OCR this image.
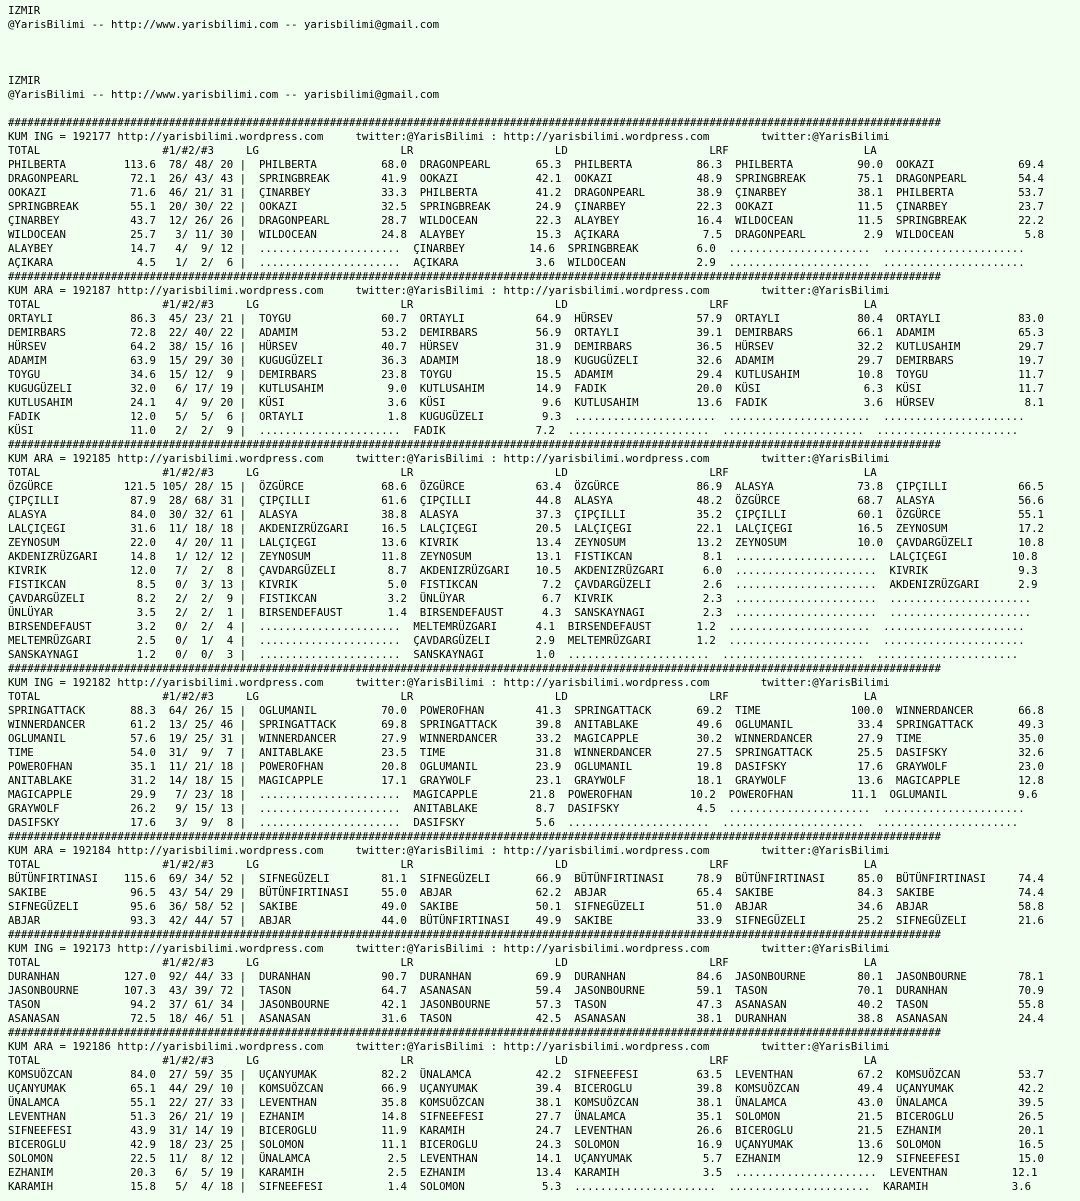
IZMIR
@YarisBilimi -- http://www.yarisbilimi.com -- yarisbilimi@gmail.com
IZMIR
@YarisBilimi -- http://www.yarisbilimi.com -- yarisbilimi@gmail.com
#################################################################################################################################################
KUM ING = 192177 http://yarisbilimi.wordpress.com     twitter:@YarisBilimi : http://yarisbilimi.wordpress.com        twitter:@YarisBilimi
TOTAL                   #1/#2/#3     LG                      LR                      LD                      LRF                     LA
PHILBERTA         113.6  78/ 48/ 20 |  PHILBERTA          68.0  DRAGONPEARL       65.3  PHILBERTA          86.3  PHILBERTA          90.0  OOKAZI             69.4
DRAGONPEARL        72.1  26/ 43/ 43 |  SPRINGBREAK        41.9  OOKAZI            42.1  OOKAZI             48.9  SPRINGBREAK        75.1  DRAGONPEARL        54.4
OOKAZI             71.6  46/ 21/ 31 |  ÇINARBEY           33.3  PHILBERTA         41.2  DRAGONPEARL        38.9  ÇINARBEY           38.1  PHILBERTA          53.7
SPRINGBREAK        55.1  20/ 30/ 22 |  OOKAZI             32.5  SPRINGBREAK       24.9  ÇINARBEY           22.3  OOKAZI             11.5  ÇINARBEY           23.7
ÇINARBEY           43.7  12/ 26/ 26 |  DRAGONPEARL        28.7  WILDOCEAN         22.3  ALAYBEY            16.4  WILDOCEAN          11.5  SPRINGBREAK        22.2
WILDOCEAN          25.7   3/ 11/ 30 |  WILDOCEAN          24.8  ALAYBEY           15.3  AÇIKARA             7.5  DRAGONPEARL         2.9  WILDOCEAN           5.8
ALAYBEY            14.7   4/  9/ 12 |  ......................  ÇINARBEY          14.6  SPRINGBREAK         6.0  ......................  ......................
AÇIKARA             4.5   1/  2/  6 |  ......................  AÇIKARA            3.6  WILDOCEAN           2.9  ......................  ......................
#################################################################################################################################################
KUM ARA = 192187 http://yarisbilimi.wordpress.com     twitter:@YarisBilimi : http://yarisbilimi.wordpress.com        twitter:@YarisBilimi
TOTAL                   #1/#2/#3     LG                      LR                      LD                      LRF                     LA
ORTAYLI            86.3  45/ 23/ 21 |  TOYGU              60.7  ORTAYLI           64.9  HÜRSEV             57.9  ORTAYLI            80.4  ORTAYLI            83.0
DEMIRBARS          72.8  22/ 40/ 22 |  ADAMIM             53.2  DEMIRBARS         56.9  ORTAYLI            39.1  DEMIRBARS          66.1  ADAMIM             65.3
HÜRSEV             64.2  38/ 15/ 16 |  HÜRSEV             40.7  HÜRSEV            31.9  DEMIRBARS          36.5  HÜRSEV             32.2  KUTLUSAHIM         29.7
ADAMIM             63.9  15/ 29/ 30 |  KUGUGÜZELI         36.3  ADAMIM            18.9  KUGUGÜZELI         32.6  ADAMIM             29.7  DEMIRBARS          19.7
TOYGU              34.6  15/ 12/  9 |  DEMIRBARS          23.8  TOYGU             15.5  ADAMIM             29.4  KUTLUSAHIM         10.8  TOYGU              11.7
KUGUGÜZELI         32.0   6/ 17/ 19 |  KUTLUSAHIM          9.0  KUTLUSAHIM        14.9  FADIK              20.0  KÜSI                6.3  KÜSI               11.7
KUTLUSAHIM         24.1   4/  9/ 20 |  KÜSI                3.6  KÜSI               9.6  KUTLUSAHIM         13.6  FADIK               3.6  HÜRSEV              8.1
FADIK              12.0   5/  5/  6 |  ORTAYLI             1.8  KUGUGÜZELI         9.3  ......................  ......................  ......................
KÜSI               11.0   2/  2/  9 |  ......................  FADIK              7.2  ......................  ......................  ......................
#################################################################################################################################################
KUM ARA = 192185 http://yarisbilimi.wordpress.com     twitter:@YarisBilimi : http://yarisbilimi.wordpress.com        twitter:@YarisBilimi
TOTAL                   #1/#2/#3     LG                      LR                      LD                      LRF                     LA
ÖZGÜRCE           121.5 105/ 28/ 15 |  ÖZGÜRCE            68.6  ÖZGÜRCE           63.4  ÖZGÜRCE            86.9  ALASYA             73.8  ÇIPÇILLI           66.5
ÇIPÇILLI           87.9  28/ 68/ 31 |  ÇIPÇILLI           61.6  ÇIPÇILLI          44.8  ALASYA             48.2  ÖZGÜRCE            68.7  ALASYA             56.6
ALASYA             84.0  30/ 32/ 61 |  ALASYA             38.8  ALASYA            37.3  ÇIPÇILLI           35.2  ÇIPÇILLI           60.1  ÖZGÜRCE            55.1
LALÇIÇEGI          31.6  11/ 18/ 18 |  AKDENIZRÜZGARI     16.5  LALÇIÇEGI         20.5  LALÇIÇEGI          22.1  LALÇIÇEGI          16.5  ZEYNOSUM           17.2
ZEYNOSUM           22.0   4/ 20/ 11 |  LALÇIÇEGI          13.6  KIVRIK            13.4  ZEYNOSUM           13.2  ZEYNOSUM           10.0  ÇAVDARGÜZELI       10.8
AKDENIZRÜZGARI     14.8   1/ 12/ 12 |  ZEYNOSUM           11.8  ZEYNOSUM          13.1  FISTIKCAN           8.1  ......................  LALÇIÇEGI          10.8
KIVRIK             12.0   7/  2/  8 |  ÇAVDARGÜZELI        8.7  AKDENIZRÜZGARI    10.5  AKDENIZRÜZGARI      6.0  ......................  KIVRIK              9.3
FISTIKCAN           8.5   0/  3/ 13 |  KIVRIK              5.0  FISTIKCAN          7.2  ÇAVDARGÜZELI        2.6  ......................  AKDENIZRÜZGARI      2.9
ÇAVDARGÜZELI        8.2   2/  2/  9 |  FISTIKCAN           3.2  ÜNLÜYAR            6.7  KIVRIK              2.3  ......................  ......................
ÜNLÜYAR             3.5   2/  2/  1 |  BIRSENDEFAUST       1.4  BIRSENDEFAUST      4.3  SANSKAYNAGI         2.3  ......................  ......................
BIRSENDEFAUST       3.2   0/  2/  4 |  ......................  MELTEMRÜZGARI      4.1  BIRSENDEFAUST       1.2  ......................  ......................
MELTEMRÜZGARI       2.5   0/  1/  4 |  ......................  ÇAVDARGÜZELI       2.9  MELTEMRÜZGARI       1.2  ......................  ......................
SANSKAYNAGI         1.2   0/  0/  3 |  ......................  SANSKAYNAGI        1.0  ......................  ......................  ......................
#################################################################################################################################################
KUM ING = 192182 http://yarisbilimi.wordpress.com     twitter:@YarisBilimi : http://yarisbilimi.wordpress.com        twitter:@YarisBilimi
TOTAL                   #1/#2/#3     LG                      LR                      LD                      LRF                     LA
SPRINGATTACK       88.3  64/ 26/ 15 |  OGLUMANIL          70.0  POWEROFHAN        41.3  SPRINGATTACK       69.2  TIME              100.0  WINNERDANCER       66.8
WINNERDANCER       61.2  13/ 25/ 46 |  SPRINGATTACK       69.8  SPRINGATTACK      39.8  ANITABLAKE         49.6  OGLUMANIL          33.4  SPRINGATTACK       49.3
OGLUMANIL          57.6  19/ 25/ 31 |  WINNERDANCER       27.9  WINNERDANCER      33.2  MAGICAPPLE         30.2  WINNERDANCER       27.9  TIME               35.0
TIME               54.0  31/  9/  7 |  ANITABLAKE         23.5  TIME              31.8  WINNERDANCER       27.5  SPRINGATTACK       25.5  DASIFSKY           32.6
POWEROFHAN         35.1  11/ 21/ 18 |  POWEROFHAN         20.8  OGLUMANIL         23.9  OGLUMANIL          19.8  DASIFSKY           17.6  GRAYWOLF           23.0
ANITABLAKE         31.2  14/ 18/ 15 |  MAGICAPPLE         17.1  GRAYWOLF          23.1  GRAYWOLF           18.1  GRAYWOLF           13.6  MAGICAPPLE         12.8
MAGICAPPLE         29.9   7/ 23/ 18 |  ......................  MAGICAPPLE        21.8  POWEROFHAN         10.2  POWEROFHAN         11.1  OGLUMANIL           9.6
GRAYWOLF           26.2   9/ 15/ 13 |  ......................  ANITABLAKE         8.7  DASIFSKY            4.5  ......................  ......................
DASIFSKY           17.6   3/  9/  8 |  ......................  DASIFSKY           5.6  ......................  ......................  ......................
#################################################################################################################################################
KUM ARA = 192184 http://yarisbilimi.wordpress.com     twitter:@YarisBilimi : http://yarisbilimi.wordpress.com        twitter:@YarisBilimi
TOTAL                   #1/#2/#3     LG                      LR                      LD                      LRF                     LA
BÜTÜNFIRTINASI    115.6  69/ 34/ 52 |  SIFNEGÜZELI        81.1  SIFNEGÜZELI       66.9  BÜTÜNFIRTINASI     78.9  BÜTÜNFIRTINASI     85.0  BÜTÜNFIRTINASI     74.4
SAKIBE             96.5  43/ 54/ 29 |  BÜTÜNFIRTINASI     55.0  ABJAR             62.2  ABJAR              65.4  SAKIBE             84.3  SAKIBE             74.4
SIFNEGÜZELI        95.6  36/ 58/ 52 |  SAKIBE             49.0  SAKIBE            50.1  SIFNEGÜZELI        51.0  ABJAR              34.6  ABJAR              58.8
ABJAR              93.3  42/ 44/ 57 |  ABJAR              44.0  BÜTÜNFIRTINASI    49.9  SAKIBE             33.9  SIFNEGÜZELI        25.2  SIFNEGÜZELI        21.6
#################################################################################################################################################
KUM ING = 192173 http://yarisbilimi.wordpress.com     twitter:@YarisBilimi : http://yarisbilimi.wordpress.com        twitter:@YarisBilimi
TOTAL                   #1/#2/#3     LG                      LR                      LD                      LRF                     LA
DURANHAN          127.0  92/ 44/ 33 |  DURANHAN           90.7  DURANHAN          69.9  DURANHAN           84.6  JASONBOURNE        80.1  JASONBOURNE        78.1
JASONBOURNE       107.3  43/ 39/ 72 |  TASON              64.7  ASANASAN          59.4  JASONBOURNE        59.1  TASON              70.1  DURANHAN           70.9
TASON              94.2  37/ 61/ 34 |  JASONBOURNE        42.1  JASONBOURNE       57.3  TASON              47.3  ASANASAN           40.2  TASON              55.8
ASANASAN           72.5  18/ 46/ 51 |  ASANASAN           31.6  TASON             42.5  ASANASAN           38.1  DURANHAN           38.8  ASANASAN           24.4
#################################################################################################################################################
KUM ARA = 192186 http://yarisbilimi.wordpress.com     twitter:@YarisBilimi : http://yarisbilimi.wordpress.com        twitter:@YarisBilimi
TOTAL                   #1/#2/#3     LG                      LR                      LD                      LRF                     LA
KOMSUÖZCAN         84.0  27/ 59/ 35 |  UÇANYUMAK          82.2  ÜNALAMCA          42.2  SIFNEEFESI         63.5  LEVENTHAN          67.2  KOMSUÖZCAN         53.7
UÇANYUMAK          65.1  44/ 29/ 10 |  KOMSUÖZCAN         66.9  UÇANYUMAK         39.4  BICEROGLU          39.8  KOMSUÖZCAN         49.4  UÇANYUMAK          42.2
ÜNALAMCA           55.1  22/ 27/ 33 |  LEVENTHAN          35.8  KOMSUÖZCAN        38.1  KOMSUÖZCAN         38.1  ÜNALAMCA           43.0  ÜNALAMCA           39.5
LEVENTHAN          51.3  26/ 21/ 19 |  EZHANIM            14.8  SIFNEEFESI        27.7  ÜNALAMCA           35.1  SOLOMON            21.5  BICEROGLU          26.5
SIFNEEFESI         43.9  31/ 14/ 19 |  BICEROGLU          11.9  KARAMIH           24.7  LEVENTHAN          26.6  BICEROGLU          21.5  EZHANIM            20.1
BICEROGLU          42.9  18/ 23/ 25 |  SOLOMON            11.1  BICEROGLU         24.3  SOLOMON            16.9  UÇANYUMAK          13.6  SOLOMON            16.5
SOLOMON            22.5  11/  8/ 12 |  ÜNALAMCA            2.5  LEVENTHAN         14.1  UÇANYUMAK           5.7  EZHANIM            12.9  SIFNEEFESI         15.0
EZHANIM            20.3   6/  5/ 19 |  KARAMIH             2.5  EZHANIM           13.4  KARAMIH             3.5  ......................  LEVENTHAN          12.1
KARAMIH            15.8   5/  4/ 18 |  SIFNEEFESI          1.4  SOLOMON            5.3  ......................  ......................  KARAMIH             3.6
